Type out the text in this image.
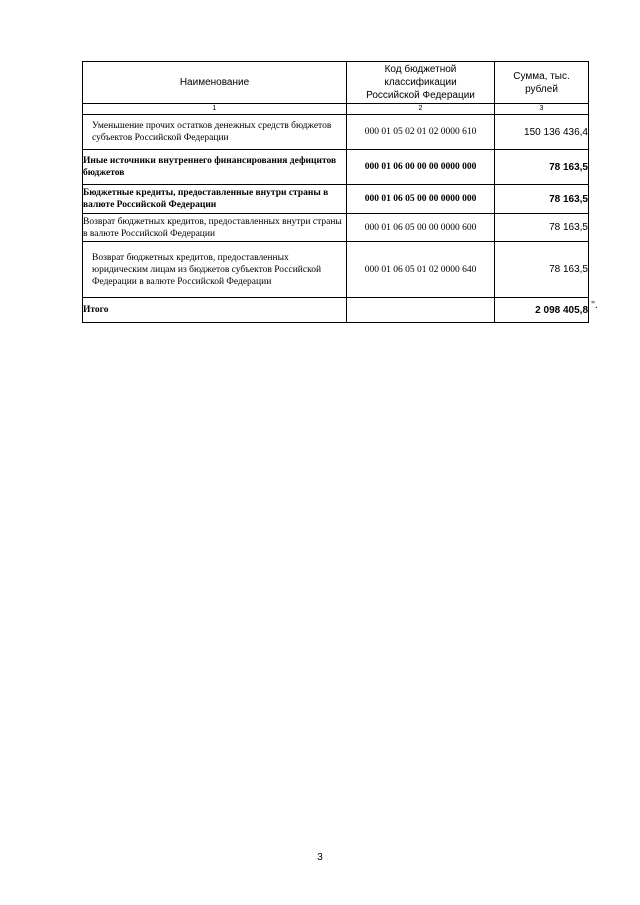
Наименование	Код бюджетной классификации Российской Федерации	Сумма, тыс. рублей
1	2	3
Уменьшение прочих остатков денежных средств бюджетов субъектов Российской Федерации	000 01 05 02 01 02 0000 610	150 136 436,4
Иные источники внутреннего финансирования дефицитов бюджетов	000 01 06 00 00 00 0000 000	78 163,5
Бюджетные кредиты, предоставленные внутри страны в валюте Российской Федерации	000 01 06 05 00 00 0000 000	78 163,5
Возврат бюджетных кредитов, предоставленных внутри страны в валюте Российской Федерации	000 01 06 05 00 00 0000 600	78 163,5
Возврат бюджетных кредитов, предоставленных юридическим лицам из бюджетов субъектов Российской Федерации в валюте Российской Федерации	000 01 06 05 01 02 0000 640	78 163,5
Итого		2 098 405,8 ".
3
